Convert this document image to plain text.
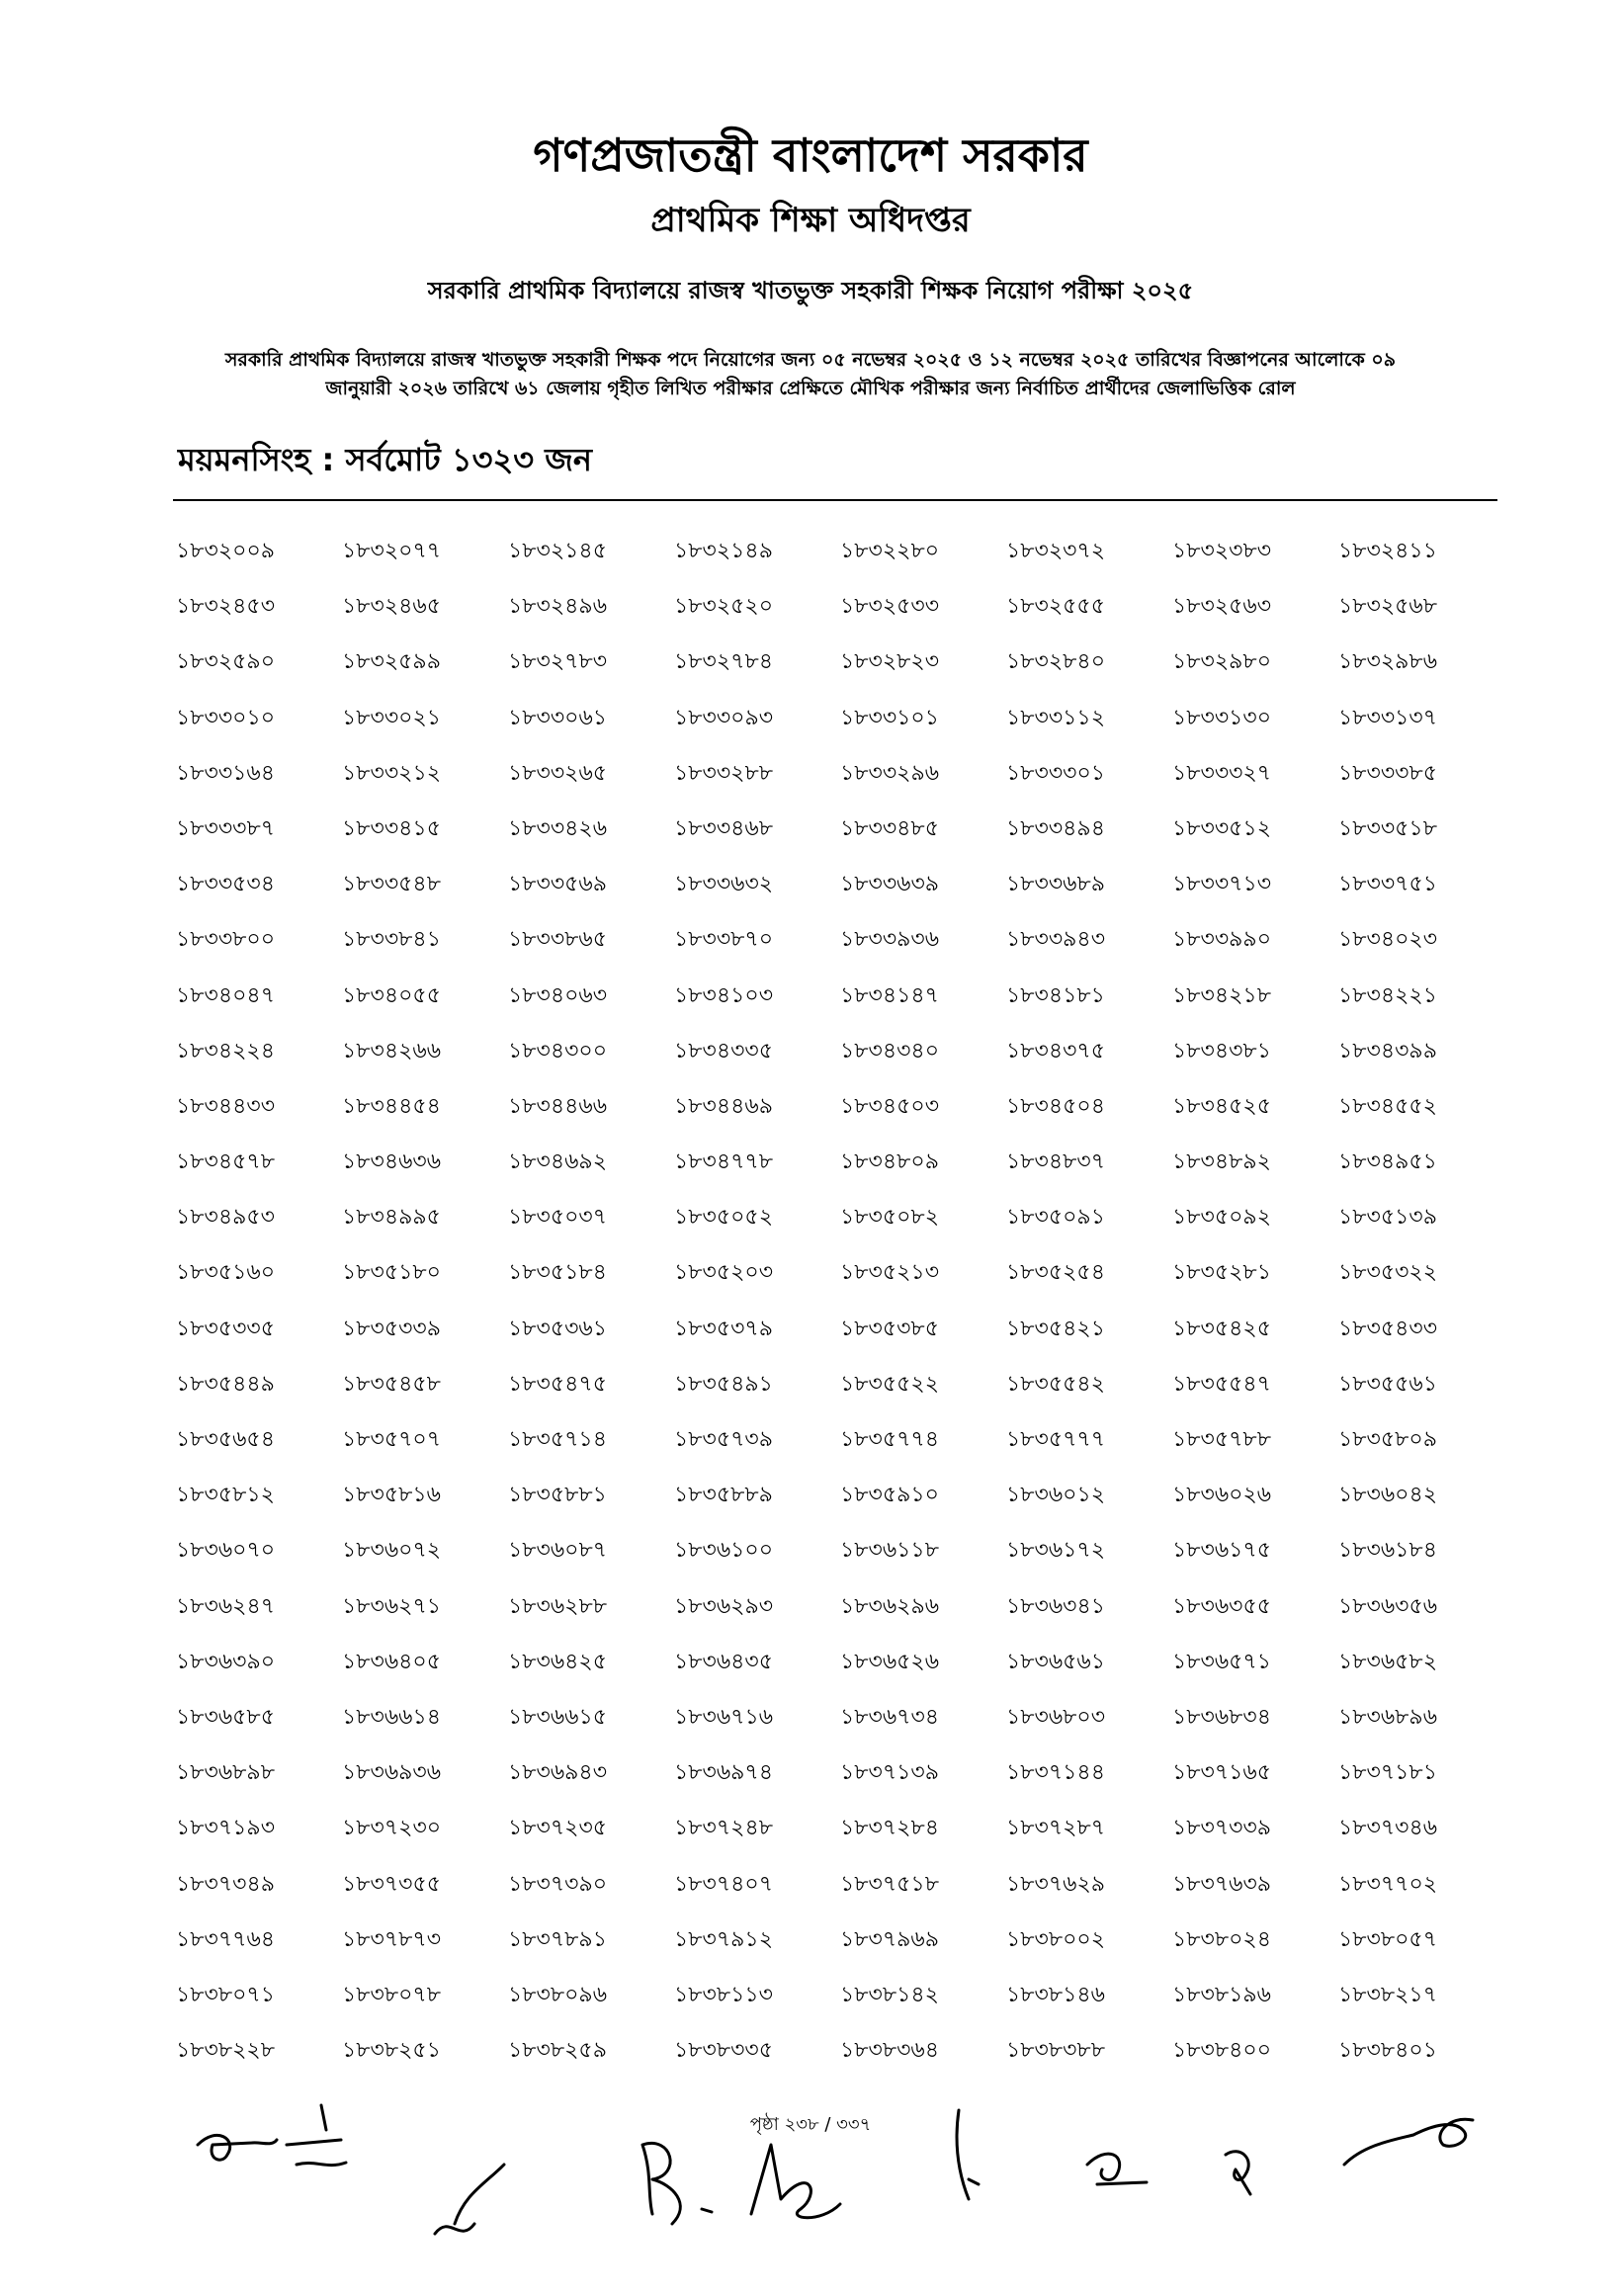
গণপ্রজাতন্ত্রী বাংলাদেশ সরকার
প্রাথমিক শিক্ষা অধিদপ্তর
সরকারি প্রাথমিক বিদ্যালয়ে রাজস্ব খাতভুক্ত সহকারী শিক্ষক নিয়োগ পরীক্ষা ২০২৫
সরকারি প্রাথমিক বিদ্যালয়ে রাজস্ব খাতভুক্ত সহকারী শিক্ষক পদে নিয়োগের জন্য ০৫ নভেম্বর ২০২৫ ও ১২ নভেম্বর ২০২৫ তারিখের বিজ্ঞাপনের আলোকে ০৯ জানুয়ারী ২০২৬ তারিখে ৬১ জেলায় গৃহীত লিখিত পরীক্ষার প্রেক্ষিতে মৌখিক পরীক্ষার জন্য নির্বাচিত প্রার্থীদের জেলাভিত্তিক রোল
ময়মনসিংহ : সর্বমোট ১৩২৩ জন
১৮৩২০০৯	১৮৩২০৭৭	১৮৩২১৪৫	১৮৩২১৪৯	১৮৩২২৮০	১৮৩২৩৭২	১৮৩২৩৮৩	১৮৩২৪১১
১৮৩২৪৫৩	১৮৩২৪৬৫	১৮৩২৪৯৬	১৮৩২৫২০	১৮৩২৫৩৩	১৮৩২৫৫৫	১৮৩২৫৬৩	১৮৩২৫৬৮
১৮৩২৫৯০	১৮৩২৫৯৯	১৮৩২৭৮৩	১৮৩২৭৮৪	১৮৩২৮২৩	১৮৩২৮৪০	১৮৩২৯৮০	১৮৩২৯৮৬
১৮৩৩০১০	১৮৩৩০২১	১৮৩৩০৬১	১৮৩৩০৯৩	১৮৩৩১০১	১৮৩৩১১২	১৮৩৩১৩০	১৮৩৩১৩৭
১৮৩৩১৬৪	১৮৩৩২১২	১৮৩৩২৬৫	১৮৩৩২৮৮	১৮৩৩২৯৬	১৮৩৩৩০১	১৮৩৩৩২৭	১৮৩৩৩৮৫
১৮৩৩৩৮৭	১৮৩৩৪১৫	১৮৩৩৪২৬	১৮৩৩৪৬৮	১৮৩৩৪৮৫	১৮৩৩৪৯৪	১৮৩৩৫১২	১৮৩৩৫১৮
১৮৩৩৫৩৪	১৮৩৩৫৪৮	১৮৩৩৫৬৯	১৮৩৩৬৩২	১৮৩৩৬৩৯	১৮৩৩৬৮৯	১৮৩৩৭১৩	১৮৩৩৭৫১
১৮৩৩৮০০	১৮৩৩৮৪১	১৮৩৩৮৬৫	১৮৩৩৮৭০	১৮৩৩৯৩৬	১৮৩৩৯৪৩	১৮৩৩৯৯০	১৮৩৪০২৩
১৮৩৪০৪৭	১৮৩৪০৫৫	১৮৩৪০৬৩	১৮৩৪১০৩	১৮৩৪১৪৭	১৮৩৪১৮১	১৮৩৪২১৮	১৮৩৪২২১
১৮৩৪২২৪	১৮৩৪২৬৬	১৮৩৪৩০০	১৮৩৪৩৩৫	১৮৩৪৩৪০	১৮৩৪৩৭৫	১৮৩৪৩৮১	১৮৩৪৩৯৯
১৮৩৪৪৩৩	১৮৩৪৪৫৪	১৮৩৪৪৬৬	১৮৩৪৪৬৯	১৮৩৪৫০৩	১৮৩৪৫০৪	১৮৩৪৫২৫	১৮৩৪৫৫২
১৮৩৪৫৭৮	১৮৩৪৬৩৬	১৮৩৪৬৯২	১৮৩৪৭৭৮	১৮৩৪৮০৯	১৮৩৪৮৩৭	১৮৩৪৮৯২	১৮৩৪৯৫১
১৮৩৪৯৫৩	১৮৩৪৯৯৫	১৮৩৫০৩৭	১৮৩৫০৫২	১৮৩৫০৮২	১৮৩৫০৯১	১৮৩৫০৯২	১৮৩৫১৩৯
১৮৩৫১৬০	১৮৩৫১৮০	১৮৩৫১৮৪	১৮৩৫২০৩	১৮৩৫২১৩	১৮৩৫২৫৪	১৮৩৫২৮১	১৮৩৫৩২২
১৮৩৫৩৩৫	১৮৩৫৩৩৯	১৮৩৫৩৬১	১৮৩৫৩৭৯	১৮৩৫৩৮৫	১৮৩৫৪২১	১৮৩৫৪২৫	১৮৩৫৪৩৩
১৮৩৫৪৪৯	১৮৩৫৪৫৮	১৮৩৫৪৭৫	১৮৩৫৪৯১	১৮৩৫৫২২	১৮৩৫৫৪২	১৮৩৫৫৪৭	১৮৩৫৫৬১
১৮৩৫৬৫৪	১৮৩৫৭০৭	১৮৩৫৭১৪	১৮৩৫৭৩৯	১৮৩৫৭৭৪	১৮৩৫৭৭৭	১৮৩৫৭৮৮	১৮৩৫৮০৯
১৮৩৫৮১২	১৮৩৫৮১৬	১৮৩৫৮৮১	১৮৩৫৮৮৯	১৮৩৫৯১০	১৮৩৬০১২	১৮৩৬০২৬	১৮৩৬০৪২
১৮৩৬০৭০	১৮৩৬০৭২	১৮৩৬০৮৭	১৮৩৬১০০	১৮৩৬১১৮	১৮৩৬১৭২	১৮৩৬১৭৫	১৮৩৬১৮৪
১৮৩৬২৪৭	১৮৩৬২৭১	১৮৩৬২৮৮	১৮৩৬২৯৩	১৮৩৬২৯৬	১৮৩৬৩৪১	১৮৩৬৩৫৫	১৮৩৬৩৫৬
১৮৩৬৩৯০	১৮৩৬৪০৫	১৮৩৬৪২৫	১৮৩৬৪৩৫	১৮৩৬৫২৬	১৮৩৬৫৬১	১৮৩৬৫৭১	১৮৩৬৫৮২
১৮৩৬৫৮৫	১৮৩৬৬১৪	১৮৩৬৬১৫	১৮৩৬৭১৬	১৮৩৬৭৩৪	১৮৩৬৮০৩	১৮৩৬৮৩৪	১৮৩৬৮৯৬
১৮৩৬৮৯৮	১৮৩৬৯৩৬	১৮৩৬৯৪৩	১৮৩৬৯৭৪	১৮৩৭১৩৯	১৮৩৭১৪৪	১৮৩৭১৬৫	১৮৩৭১৮১
১৮৩৭১৯৩	১৮৩৭২৩০	১৮৩৭২৩৫	১৮৩৭২৪৮	১৮৩৭২৮৪	১৮৩৭২৮৭	১৮৩৭৩৩৯	১৮৩৭৩৪৬
১৮৩৭৩৪৯	১৮৩৭৩৫৫	১৮৩৭৩৯০	১৮৩৭৪০৭	১৮৩৭৫১৮	১৮৩৭৬২৯	১৮৩৭৬৩৯	১৮৩৭৭০২
১৮৩৭৭৬৪	১৮৩৭৮৭৩	১৮৩৭৮৯১	১৮৩৭৯১২	১৮৩৭৯৬৯	১৮৩৮০০২	১৮৩৮০২৪	১৮৩৮০৫৭
১৮৩৮০৭১	১৮৩৮০৭৮	১৮৩৮০৯৬	১৮৩৮১১৩	১৮৩৮১৪২	১৮৩৮১৪৬	১৮৩৮১৯৬	১৮৩৮২১৭
১৮৩৮২২৮	১৮৩৮২৫১	১৮৩৮২৫৯	১৮৩৮৩৩৫	১৮৩৮৩৬৪	১৮৩৮৩৮৮	১৮৩৮৪০০	১৮৩৮৪০১
পৃষ্ঠা ২৩৮ / ৩৩৭
